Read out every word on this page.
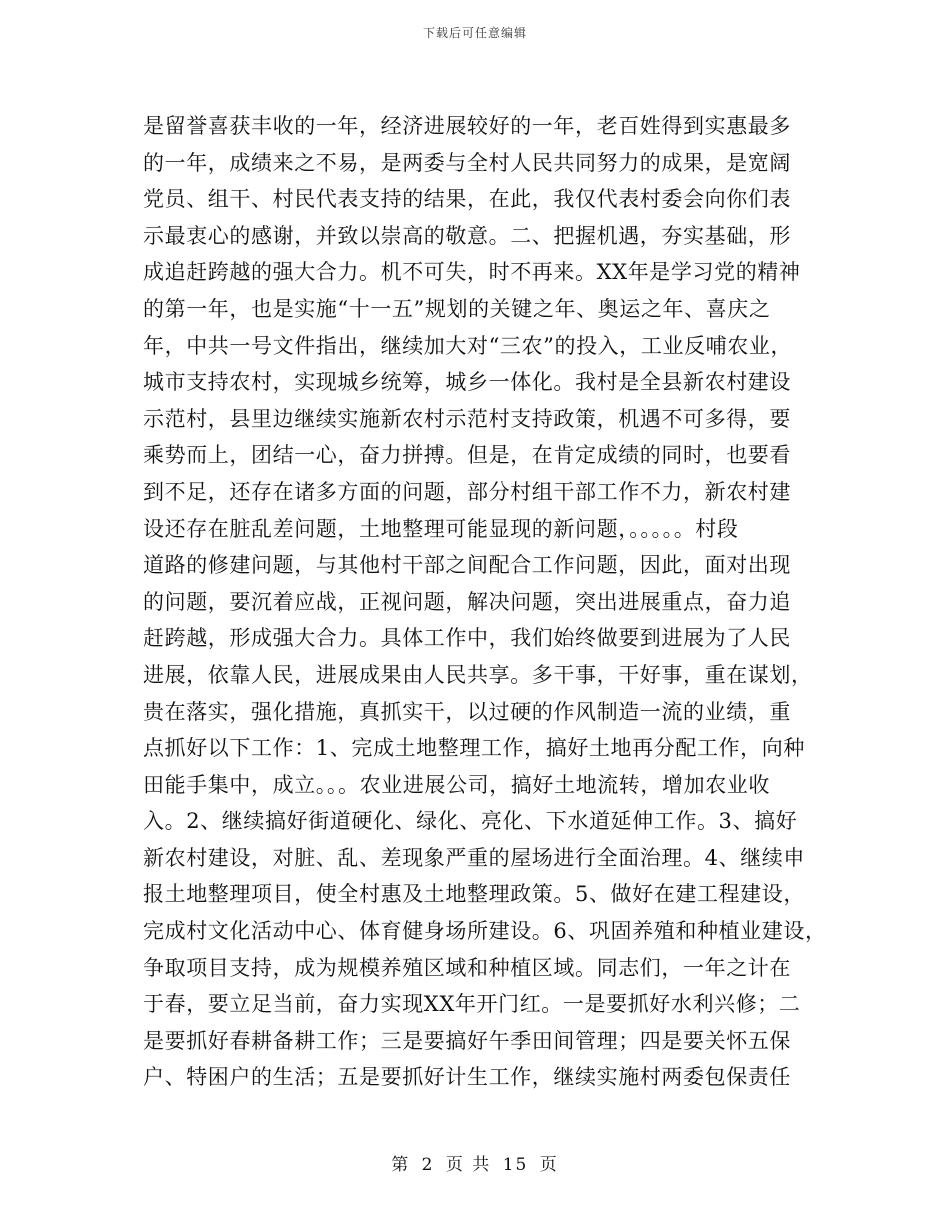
下载后可任意编辑
是留誉喜获丰收的一年，经济进展较好的一年，老百姓得到实惠最多
的一年，成绩来之不易，是两委与全村人民共同努力的成果，是宽阔
党员、组干、村民代表支持的结果，在此，我仅代表村委会向你们表
示最衷心的感谢，并致以崇高的敬意。二、把握机遇，夯实基础，形
成追赶跨越的强大合力。机不可失，时不再来。XX年是学习党的精神
的第一年，也是实施“十一五”规划的关键之年、奥运之年、喜庆之
年，中共一号文件指出，继续加大对“三农”的投入，工业反哺农业，
城市支持农村，实现城乡统筹，城乡一体化。我村是全县新农村建设
示范村，县里边继续实施新农村示范村支持政策，机遇不可多得，要
乘势而上，团结一心，奋力拼搏。但是，在肯定成绩的同时，也要看
到不足，还存在诸多方面的问题，部分村组干部工作不力，新农村建
设还存在脏乱差问题，土地整理可能显现的新问题，。。。。。村段
道路的修建问题，与其他村干部之间配合工作问题，因此，面对出现
的问题，要沉着应战，正视问题，解决问题，突出进展重点，奋力追
赶跨越，形成强大合力。具体工作中，我们始终做要到进展为了人民
进展，依靠人民，进展成果由人民共享。多干事，干好事，重在谋划，
贵在落实，强化措施，真抓实干，以过硬的作风制造一流的业绩，重
点抓好以下工作：1、完成土地整理工作，搞好土地再分配工作，向种
田能手集中，成立。。。农业进展公司，搞好土地流转，增加农业收
入。2、继续搞好街道硬化、绿化、亮化、下水道延伸工作。3、搞好
新农村建设，对脏、乱、差现象严重的屋场进行全面治理。4、继续申
报土地整理项目，使全村惠及土地整理政策。5、做好在建工程建设，
完成村文化活动中心、体育健身场所建设。6、巩固养殖和种植业建设，
争取项目支持，成为规模养殖区域和种植区域。同志们，一年之计在
于春，要立足当前，奋力实现XX年开门红。一是要抓好水利兴修；二
是要抓好春耕备耕工作；三是要搞好午季田间管理；四是要关怀五保
户、特困户的生活；五是要抓好计生工作，继续实施村两委包保责任
第 2 页 共 15 页
